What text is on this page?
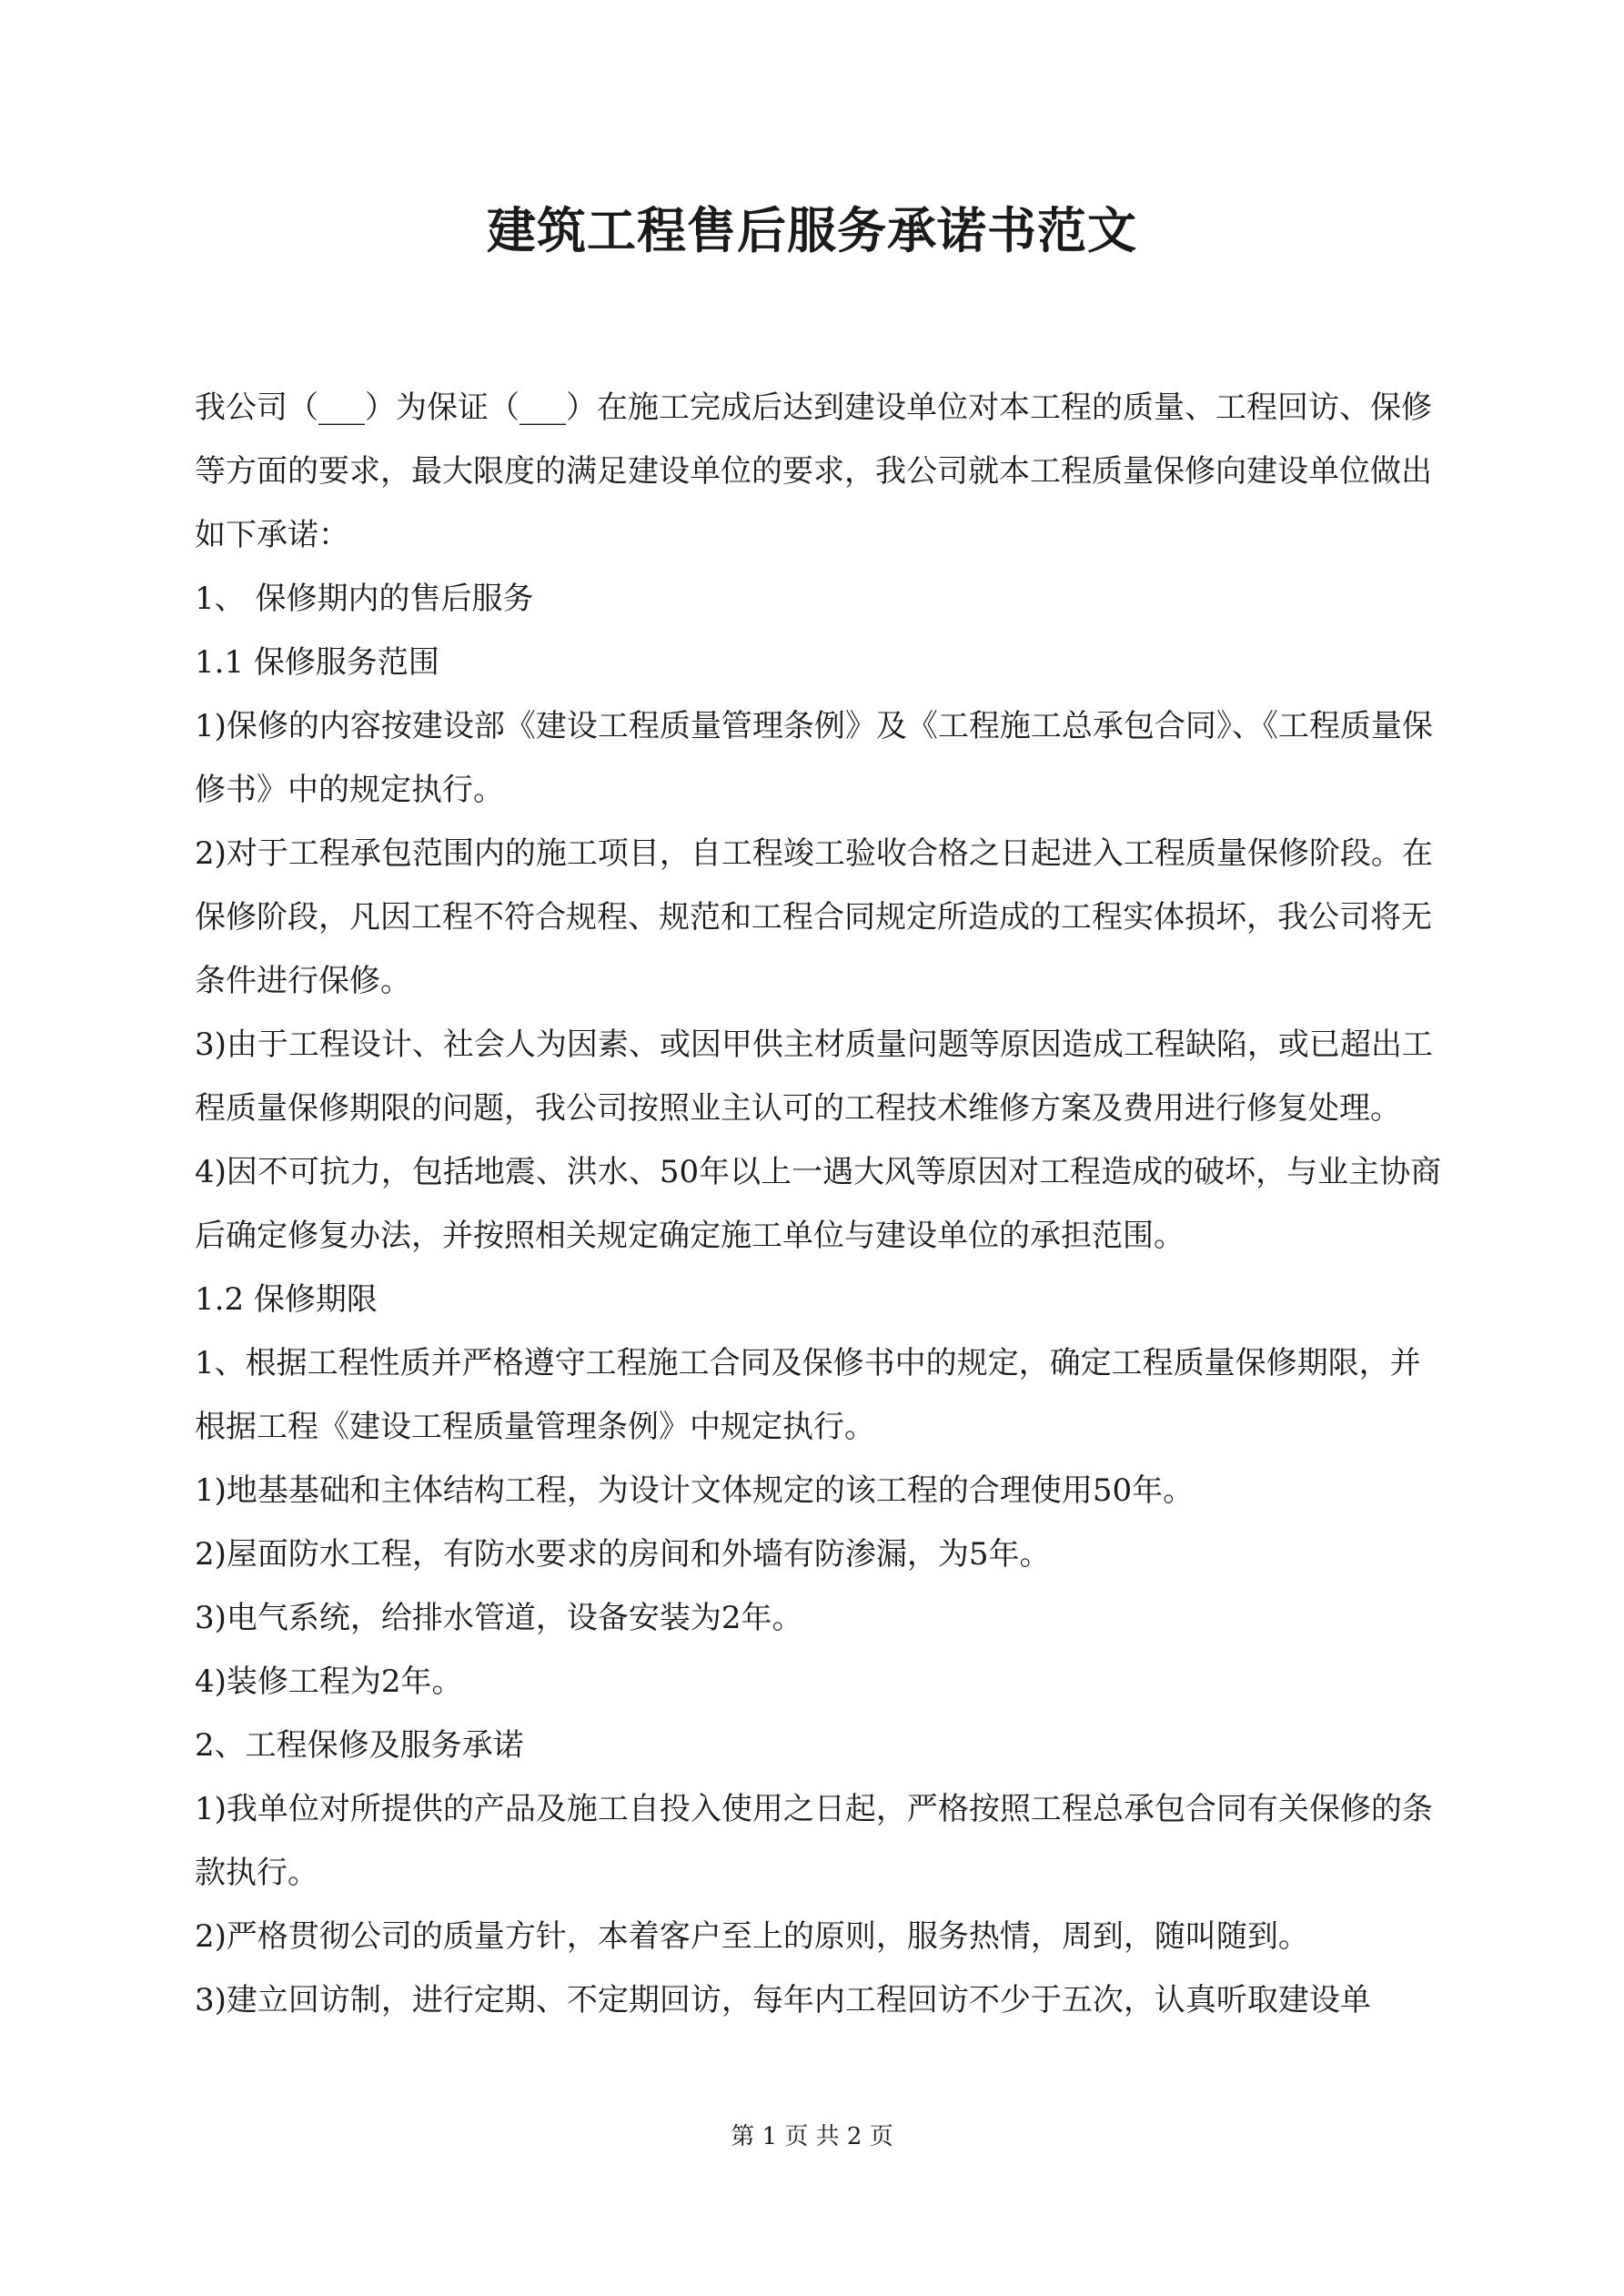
建筑工程售后服务承诺书范文

我公司（___）为保证（___）在施工完成后达到建设单位对本工程的质量、工程回访、保修等方面的要求，最大限度的满足建设单位的要求，我公司就本工程质量保修向建设单位做出如下承诺：

1、 保修期内的售后服务

1.1 保修服务范围

1)保修的内容按建设部《建设工程质量管理条例》及《工程施工总承包合同》、《工程质量保修书》中的规定执行。

2)对于工程承包范围内的施工项目，自工程竣工验收合格之日起进入工程质量保修阶段。在保修阶段，凡因工程不符合规程、规范和工程合同规定所造成的工程实体损坏，我公司将无条件进行保修。

3)由于工程设计、社会人为因素、或因甲供主材质量问题等原因造成工程缺陷，或已超出工程质量保修期限的问题，我公司按照业主认可的工程技术维修方案及费用进行修复处理。

4)因不可抗力，包括地震、洪水、50年以上一遇大风等原因对工程造成的破坏，与业主协商后确定修复办法，并按照相关规定确定施工单位与建设单位的承担范围。

1.2 保修期限

1、根据工程性质并严格遵守工程施工合同及保修书中的规定，确定工程质量保修期限，并根据工程《建设工程质量管理条例》中规定执行。

1)地基基础和主体结构工程，为设计文体规定的该工程的合理使用50年。

2)屋面防水工程，有防水要求的房间和外墙有防渗漏，为5年。

3)电气系统，给排水管道，设备安装为2年。

4)装修工程为2年。

2、工程保修及服务承诺

1)我单位对所提供的产品及施工自投入使用之日起，严格按照工程总承包合同有关保修的条款执行。

2)严格贯彻公司的质量方针，本着客户至上的原则，服务热情，周到，随叫随到。

3)建立回访制，进行定期、不定期回访，每年内工程回访不少于五次，认真听取建设单

第 1 页 共 2 页
